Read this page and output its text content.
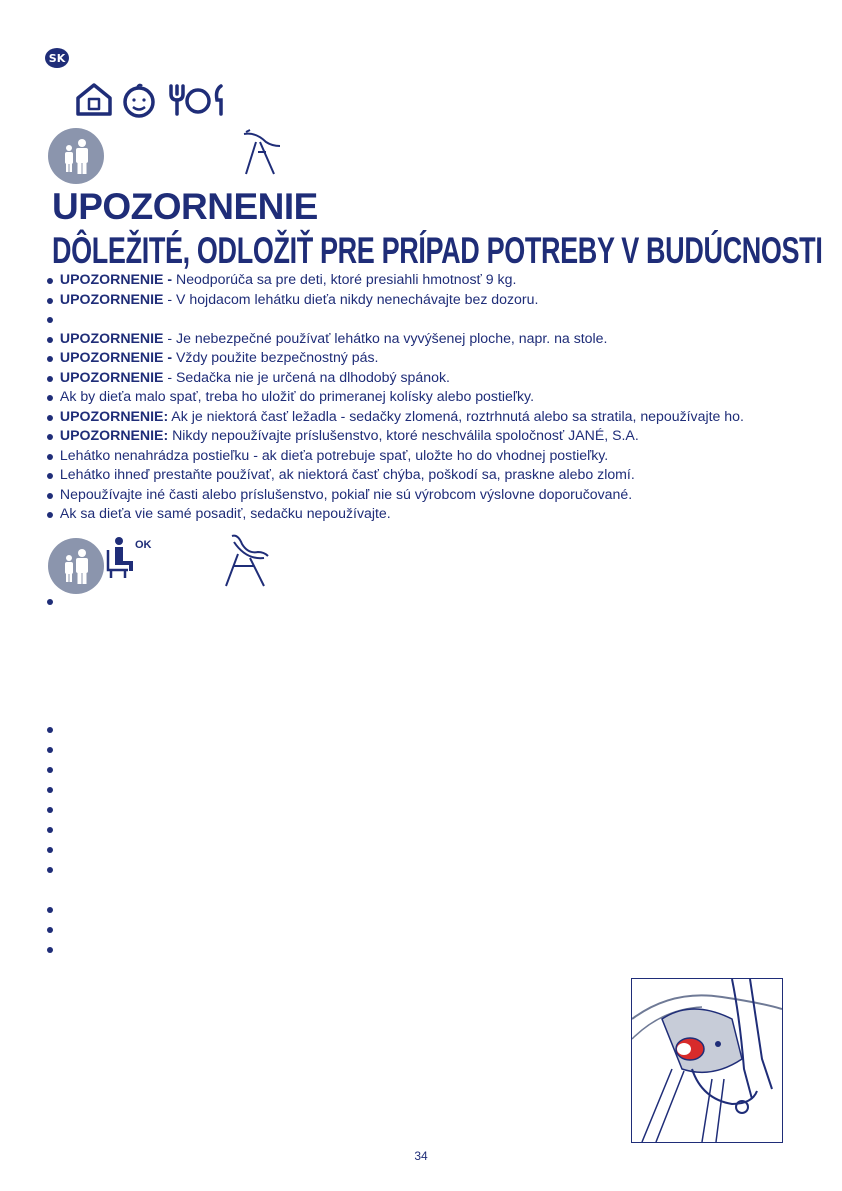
SK
UPOZORNENIE
DÔLEŽITÉ, ODLOŽIŤ PRE PRÍPAD POTREBY V BUDÚCNOSTI
UPOZORNENIE - Neodporúča sa pre deti, ktoré presiahli hmotnosť 9 kg.
UPOZORNENIE - V hojdacom lehátku dieťa nikdy nenechávajte bez dozoru.
UPOZORNENIE - Je nebezpečné používať lehátko na vyvýšenej ploche, napr. na stole.
UPOZORNENIE - Vždy použite bezpečnostný pás.
UPOZORNENIE - Sedačka nie je určená na dlhodobý spánok.
Ak by dieťa malo spať, treba ho uložiť do primeranej kolísky alebo postieľky.
UPOZORNENIE: Ak je niektorá časť ležadla - sedačky zlomená, roztrhnutá alebo sa stratila, nepoužívajte ho.
UPOZORNENIE: Nikdy nepoužívajte príslušenstvo, ktoré neschválila spoločnosť JANÉ, S.A.
Lehátko nenahrádza postieľku - ak dieťa potrebuje spať, uložte ho do vhodnej postieľky.
Lehátko ihneď prestaňte používať, ak niektorá časť chýba, poškodí sa, praskne alebo zlomí.
Nepoužívajte iné časti alebo príslušenstvo, pokiaľ nie sú výrobcom výslovne doporučované.
Ak sa dieťa vie samé posadiť, sedačku nepoužívajte.
OK
34
